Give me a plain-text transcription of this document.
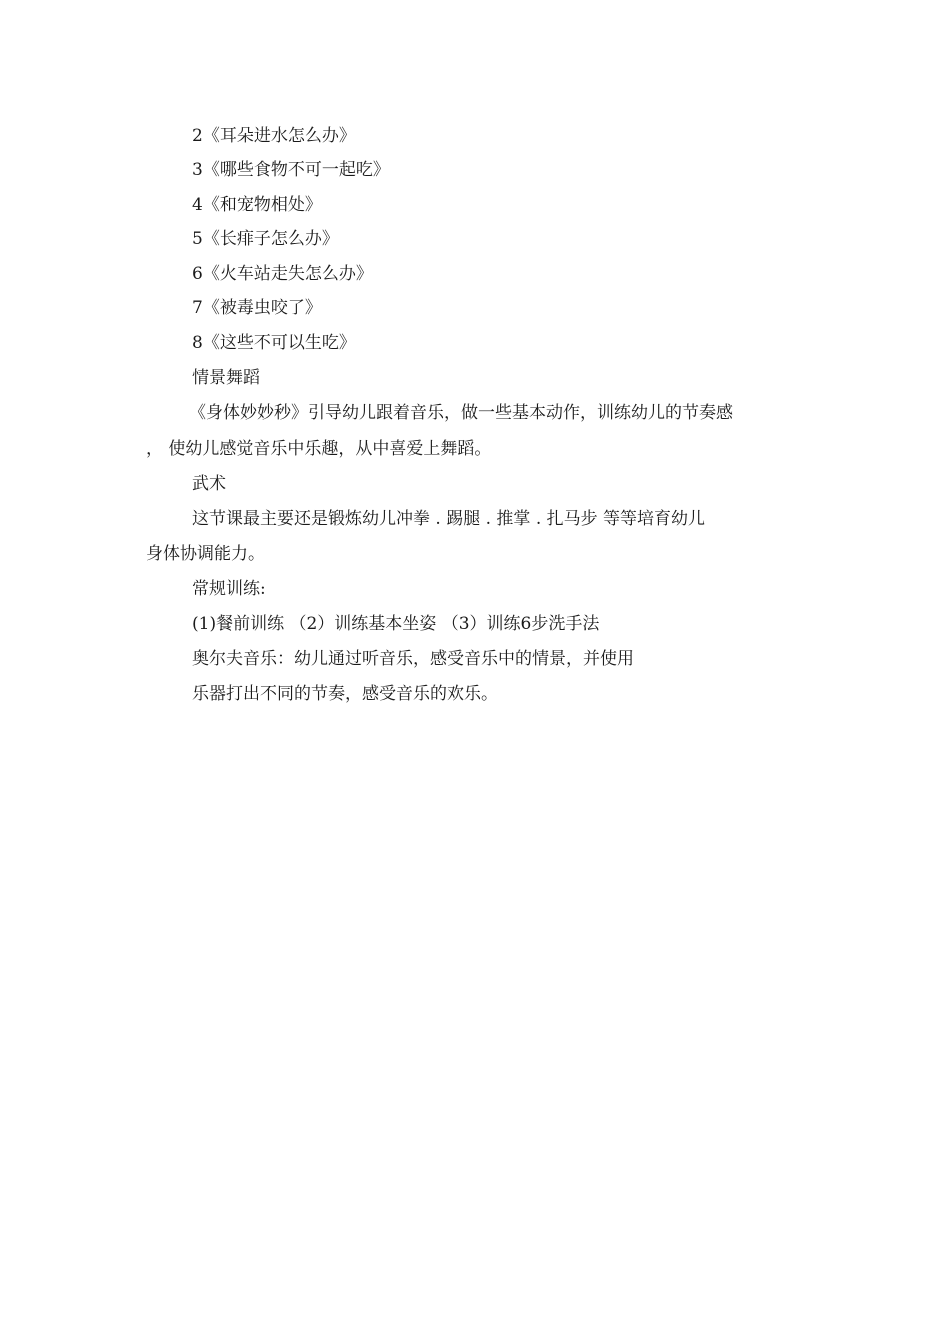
2《耳朵进水怎么办》
3《哪些食物不可一起吃》
4《和宠物相处》
5《长痱子怎么办》
6《火车站走失怎么办》
7《被毒虫咬了》
8《这些不可以生吃》
情景舞蹈
《身体妙妙秒》引导幼儿跟着音乐，做一些基本动作，训练幼儿的节奏感
， 使幼儿感觉音乐中乐趣，从中喜爱上舞蹈。
武术
这节课最主要还是锻炼幼儿冲拳 . 踢腿 . 推掌 . 扎马步 等等培育幼儿
身体协调能力。
常规训练:
(1)餐前训练 （2）训练基本坐姿 （3）训练6步洗手法
奥尔夫音乐：幼儿通过听音乐，感受音乐中的情景，并使用
乐器打出不同的节奏，感受音乐的欢乐。
